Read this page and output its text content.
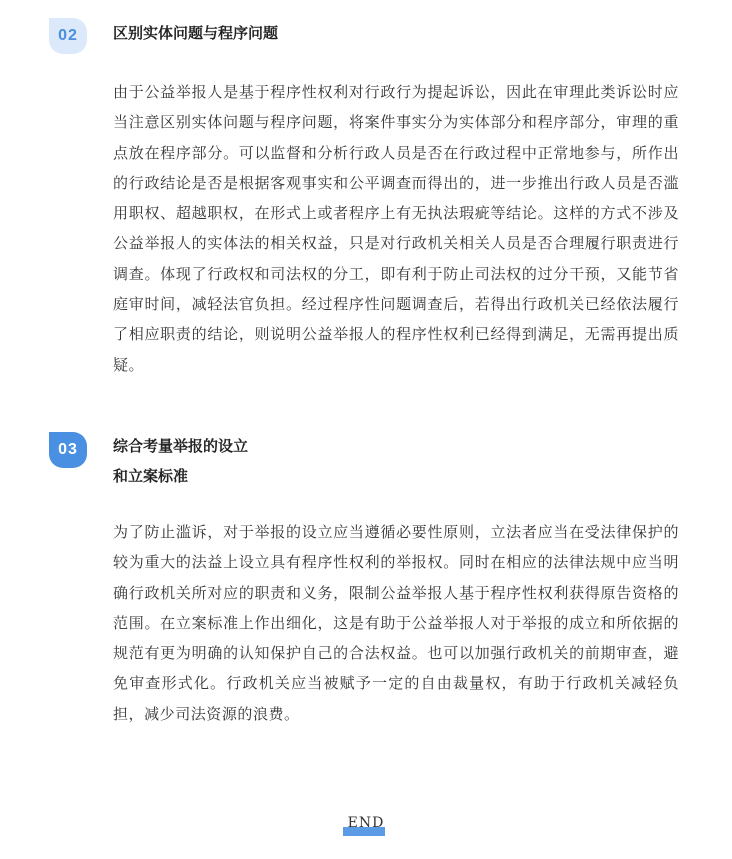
02	区别实体问题与程序问题

由于公益举报人是基于程序性权利对行政行为提起诉讼，因此在审理此类诉讼时应当注意区别实体问题与程序问题，将案件事实分为实体部分和程序部分，审理的重点放在程序部分。可以监督和分析行政人员是否在行政过程中正常地参与，所作出的行政结论是否是根据客观事实和公平调查而得出的，进一步推出行政人员是否滥用职权、超越职权，在形式上或者程序上有无执法瑕疵等结论。这样的方式不涉及公益举报人的实体法的相关权益，只是对行政机关相关人员是否合理履行职责进行调查。体现了行政权和司法权的分工，即有利于防止司法权的过分干预，又能节省庭审时间，减轻法官负担。经过程序性问题调查后，若得出行政机关已经依法履行了相应职责的结论，则说明公益举报人的程序性权利已经得到满足，无需再提出质疑。

03	综合考量举报的设立
和立案标准

为了防止滥诉，对于举报的设立应当遵循必要性原则，立法者应当在受法律保护的较为重大的法益上设立具有程序性权利的举报权。同时在相应的法律法规中应当明确行政机关所对应的职责和义务，限制公益举报人基于程序性权利获得原告资格的范围。在立案标准上作出细化，这是有助于公益举报人对于举报的成立和所依据的规范有更为明确的认知保护自己的合法权益。也可以加强行政机关的前期审查，避免审查形式化。行政机关应当被赋予一定的自由裁量权，有助于行政机关减轻负担，减少司法资源的浪费。

END
